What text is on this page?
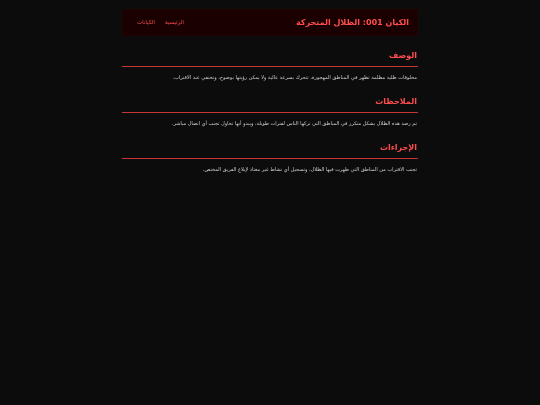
الكيان 001: الظلال المتحركة
الرئيسية
الكيانات
الوصف

مخلوقات ظلية مظلمة تظهر في المناطق المهجورة، تتحرك بسرعة عالية ولا يمكن رؤيتها بوضوح، وتختفي عند الاقتراب.

الملاحظات

تم رصد هذه الظلال بشكل متكرر في المناطق التي تركها الناس لفترات طويلة، ويبدو أنها تحاول تجنب أي اتصال مباشر.

الإجراءات

تجنب الاقتراب من المناطق التي ظهرت فيها الظلال، وتسجيل أي نشاط غير معتاد لإبلاغ الفريق المختص.
